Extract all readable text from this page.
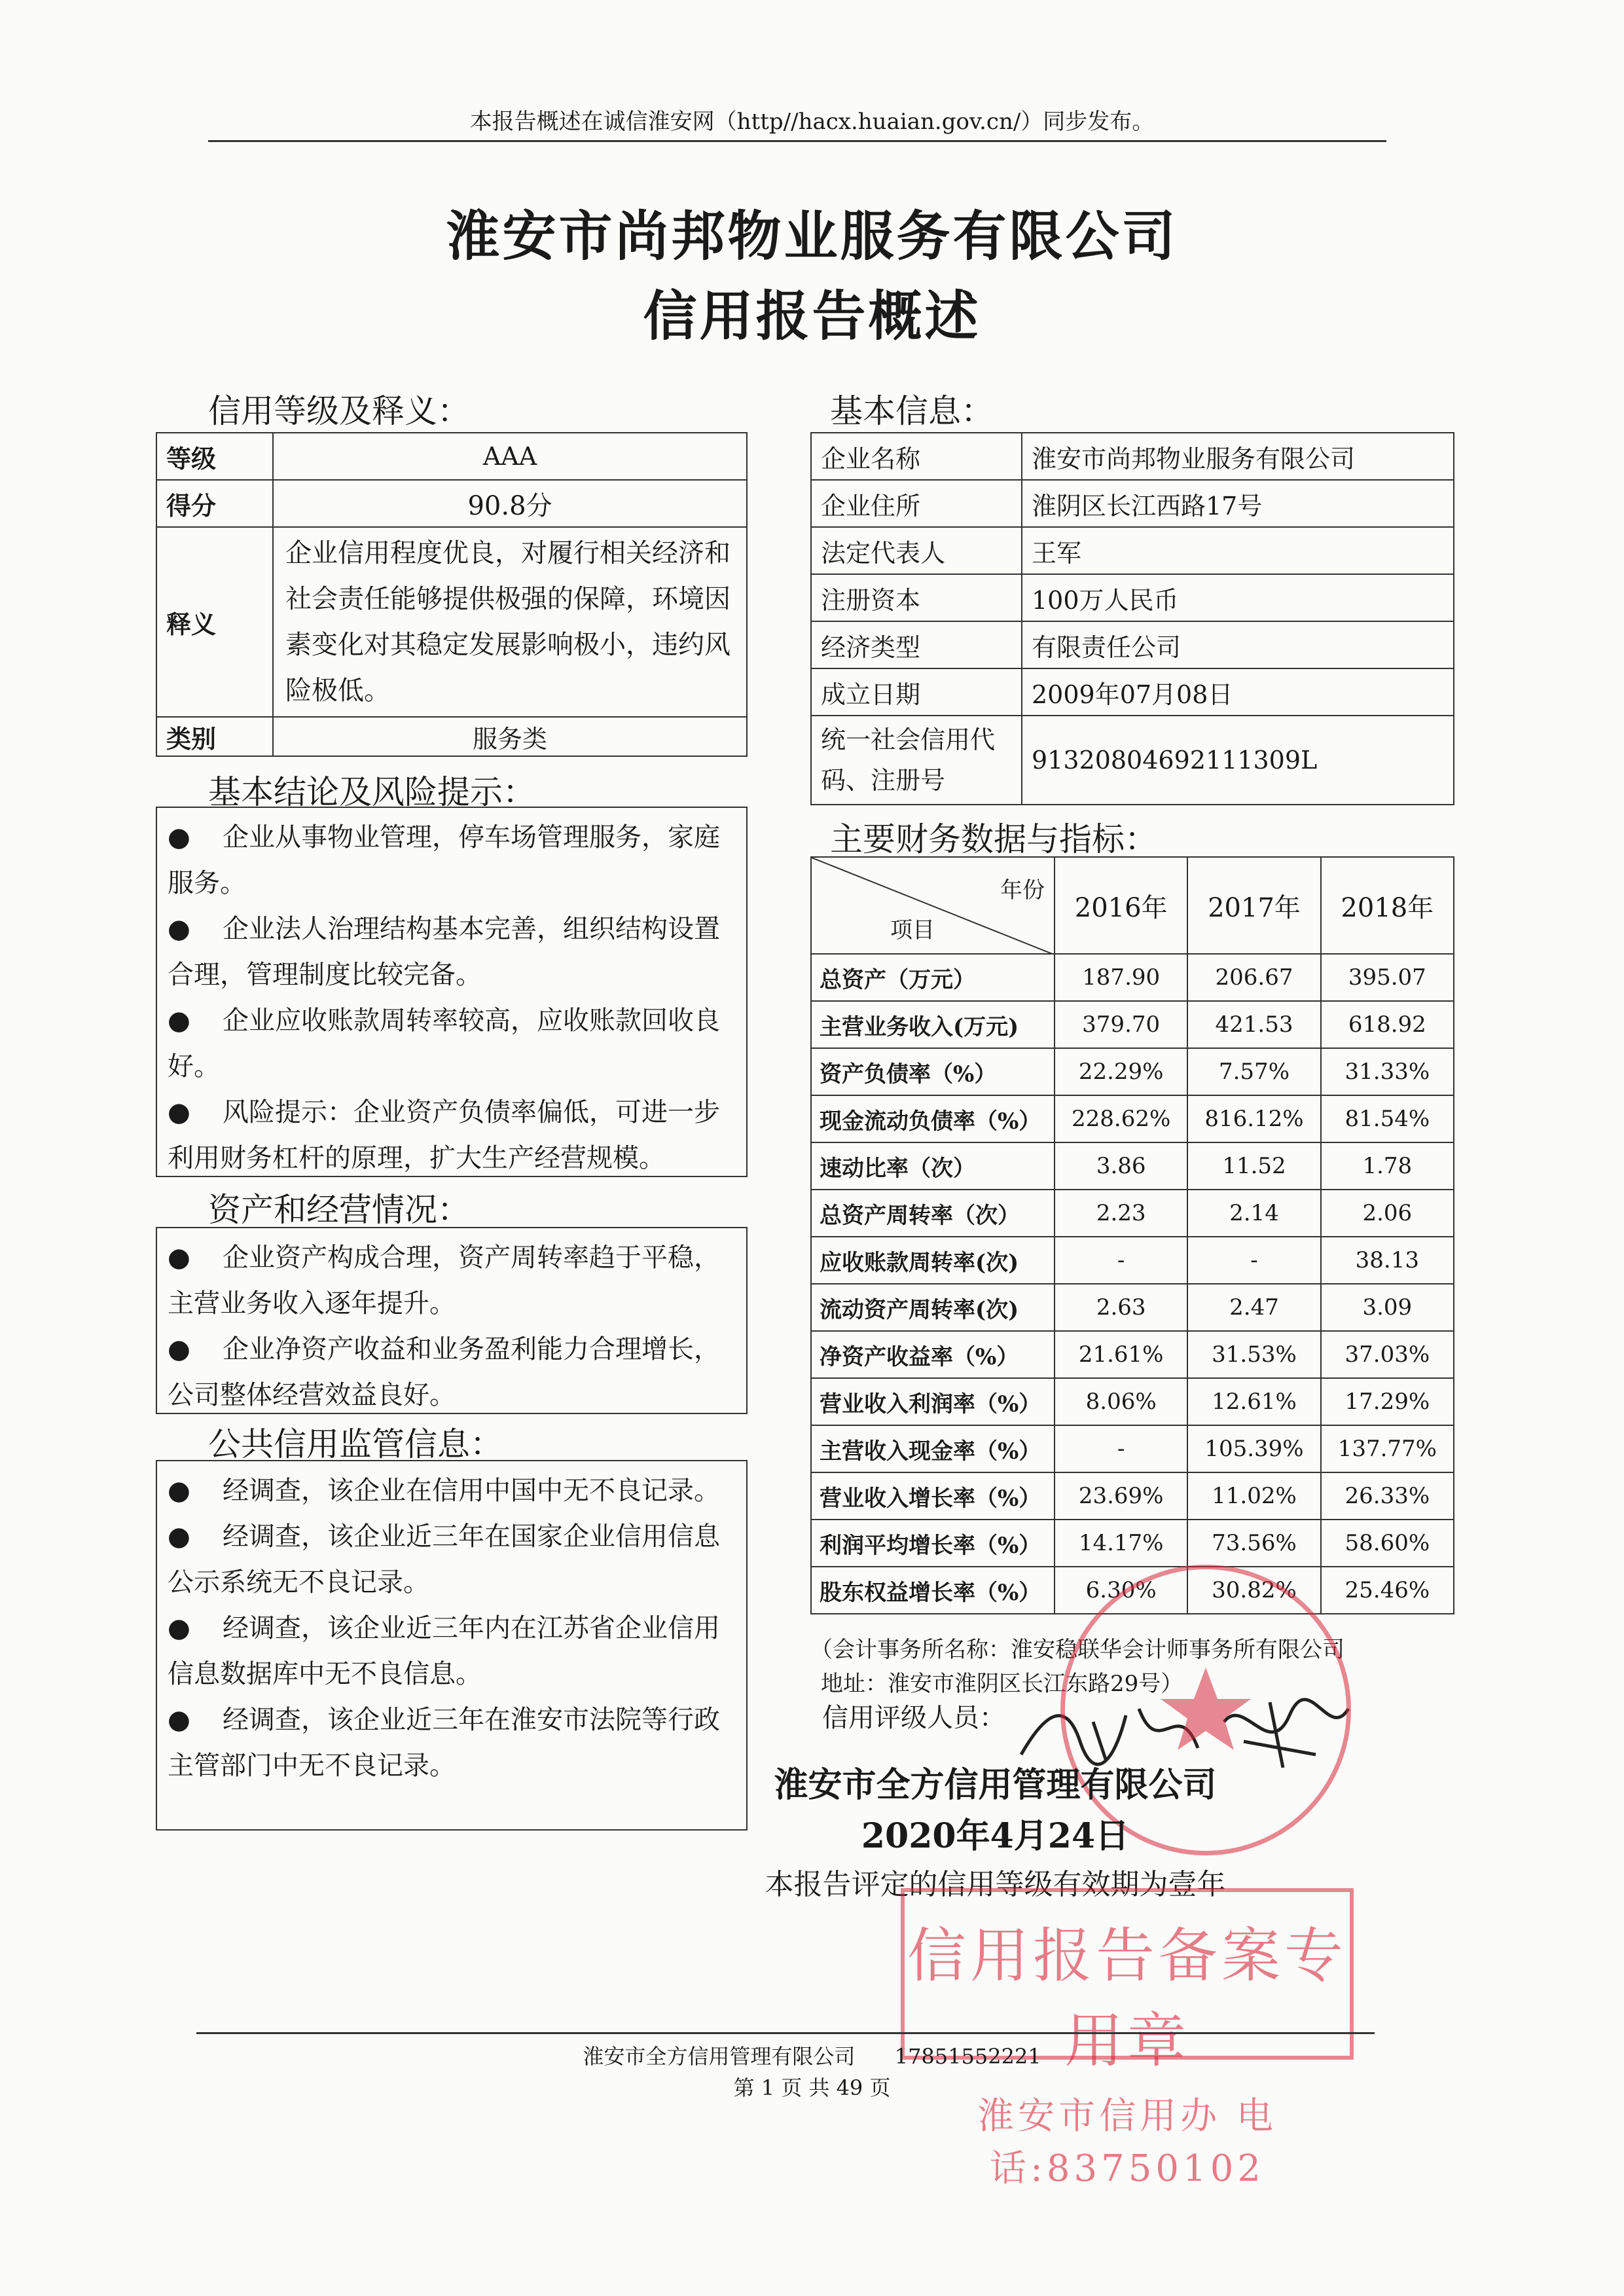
本报告概述在诚信淮安网（http//hacx.huaian.gov.cn/）同步发布。
淮安市尚邦物业服务有限公司
信用报告概述
信用等级及释义：
等级	AAA
得分	90.8分
释义	企业信用程度优良，对履行相关经济和社会责任能够提供极强的保障，环境因素变化对其稳定发展影响极小，违约风险极低。
类别	服务类
基本结论及风险提示：

● 企业从事物业管理，停车场管理服务，家庭服务。

● 企业法人治理结构基本完善，组织结构设置合理，管理制度比较完备。

● 企业应收账款周转率较高，应收账款回收良好。

● 风险提示：企业资产负债率偏低，可进一步利用财务杠杆的原理，扩大生产经营规模。

资产和经营情况：

● 企业资产构成合理，资产周转率趋于平稳，主营业务收入逐年提升。

● 企业净资产收益和业务盈利能力合理增长，公司整体经营效益良好。

公共信用监管信息：

● 经调查，该企业在信用中国中无不良记录。

● 经调查，该企业近三年在国家企业信用信息公示系统无不良记录。

● 经调查，该企业近三年内在江苏省企业信用信息数据库中无不良信息。

● 经调查，该企业近三年在淮安市法院等行政主管部门中无不良记录。

基本信息：
企业名称	淮安市尚邦物业服务有限公司
企业住所	淮阴区长江西路17号
法定代表人	王军
注册资本	100万人民币
经济类型	有限责任公司
成立日期	2009年07月08日
统一社会信用代码、注册号	91320804692111309L
主要财务数据与指标：
年份
项目	2016年	2017年	2018年
总资产（万元）	187.90	206.67	395.07
主营业务收入(万元)	379.70	421.53	618.92
资产负债率（%）	22.29%	7.57%	31.33%
现金流动负债率（%）	228.62%	816.12%	81.54%
速动比率（次）	3.86	11.52	1.78
总资产周转率（次）	2.23	2.14	2.06
应收账款周转率(次)	-	-	38.13
流动资产周转率(次)	2.63	2.47	3.09
净资产收益率（%）	21.61%	31.53%	37.03%
营业收入利润率（%）	8.06%	12.61%	17.29%
主营收入现金率（%）	-	105.39%	137.77%
营业收入增长率（%）	23.69%	11.02%	26.33%
利润平均增长率（%）	14.17%	73.56%	58.60%
股东权益增长率（%）	6.30%	30.82%	25.46%
（会计事务所名称：淮安稳联华会计师事务所有限公司
地址：淮安市淮阴区长江东路29号）
信用评级人员：
淮安市全方信用管理有限公司
2020年4月24日
本报告评定的信用等级有效期为壹年
信用报告备案专用章
淮安市信用办 电话:83750102
淮安市全方信用管理有限公司 17851552221
第 1 页 共 49 页
